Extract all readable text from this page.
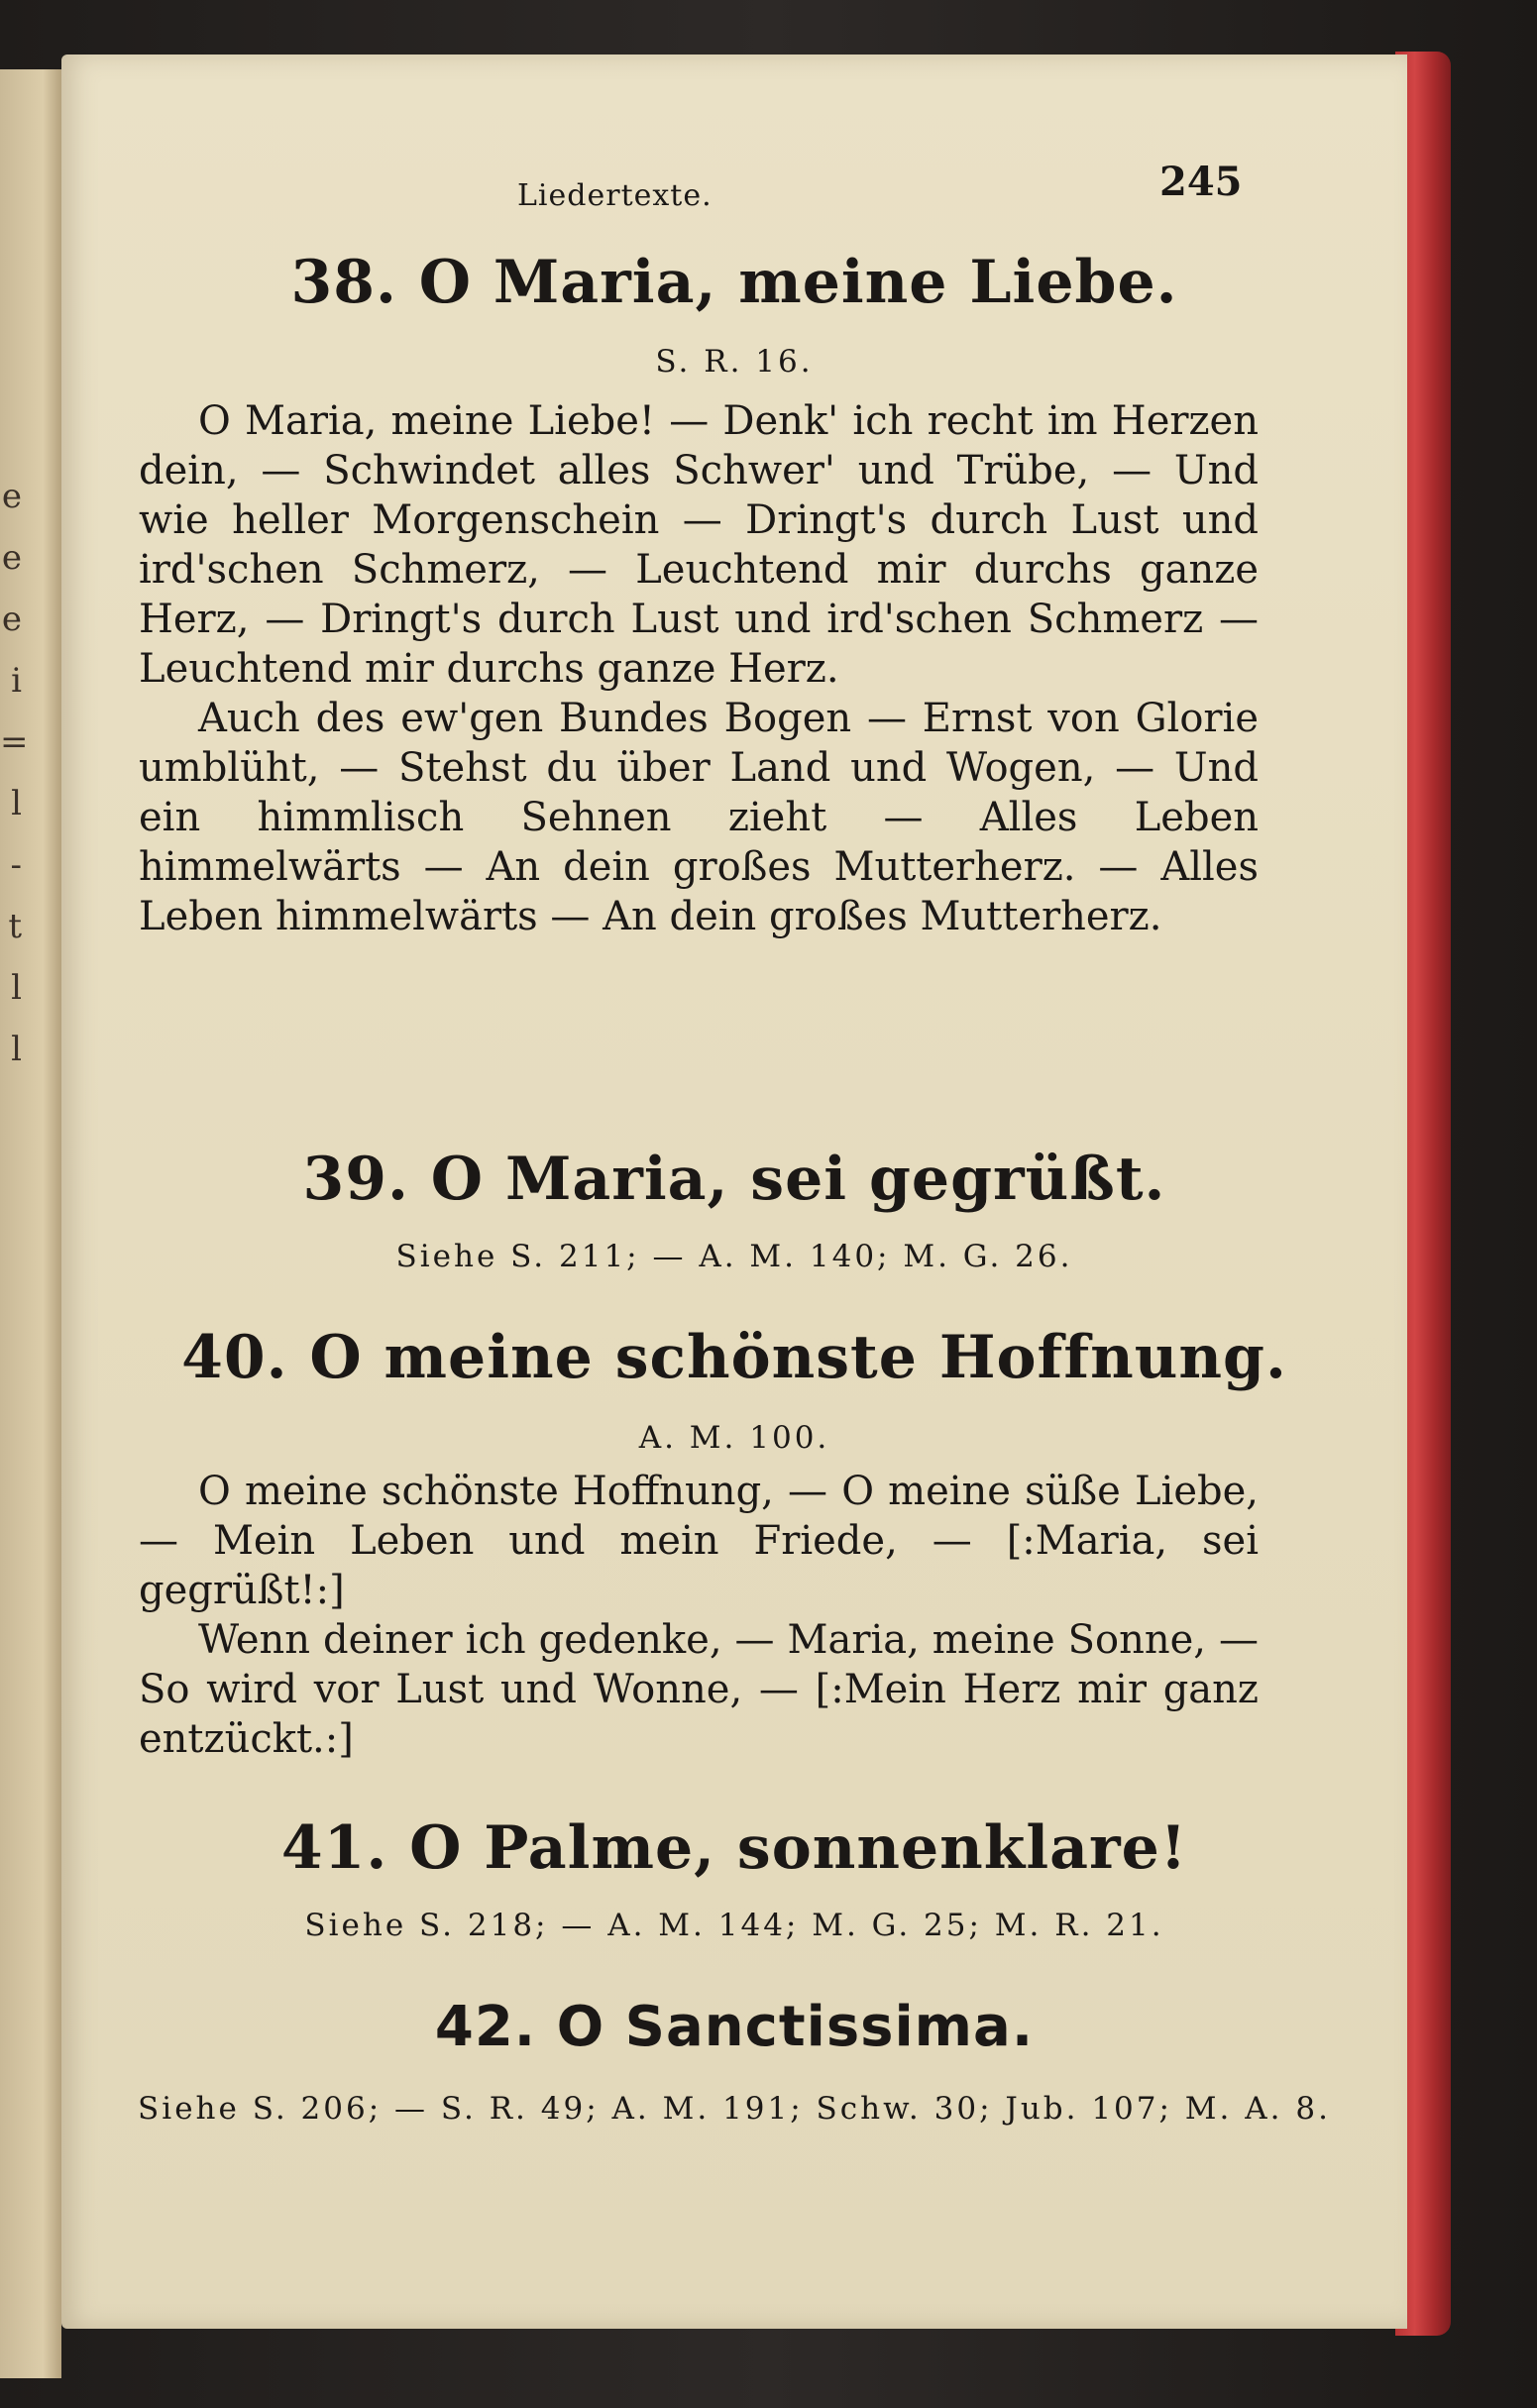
e
e
e
i
=
l
-
t
l
l
Liedertexte.	245
38. O Maria, meine Liebe.
S. R. 16.

O Maria, meine Liebe! — Denk' ich recht im Herzen dein, — Schwindet alles Schwer' und Trübe, — Und wie heller Morgenschein — Dringt's durch Lust und ird'schen Schmerz, — Leuchtend mir durchs ganze Herz, — Dringt's durch Lust und ird'schen Schmerz — Leuchtend mir durchs ganze Herz.

Auch des ew'gen Bundes Bogen — Ernst von Glorie umblüht, — Stehst du über Land und Wogen, — Und ein himmlisch Sehnen zieht — Alles Leben himmelwärts — An dein großes Mutterherz. — Alles Leben himmelwärts — An dein großes Mutterherz.

39. O Maria, sei gegrüßt.
Siehe S. 211; — A. M. 140; M. G. 26.
40. O meine schönste Hoffnung.
A. M. 100.

O meine schönste Hoffnung, — O meine süße Liebe, — Mein Leben und mein Friede, — [:Maria, sei gegrüßt!:]

Wenn deiner ich gedenke, — Maria, meine Sonne, — So wird vor Lust und Wonne, — [:Mein Herz mir ganz entzückt.:]

41. O Palme, sonnenklare!
Siehe S. 218; — A. M. 144; M. G. 25; M. R. 21.
42. O Sanctissima.
Siehe S. 206; — S. R. 49; A. M. 191; Schw. 30; Jub. 107; M. A. 8.
